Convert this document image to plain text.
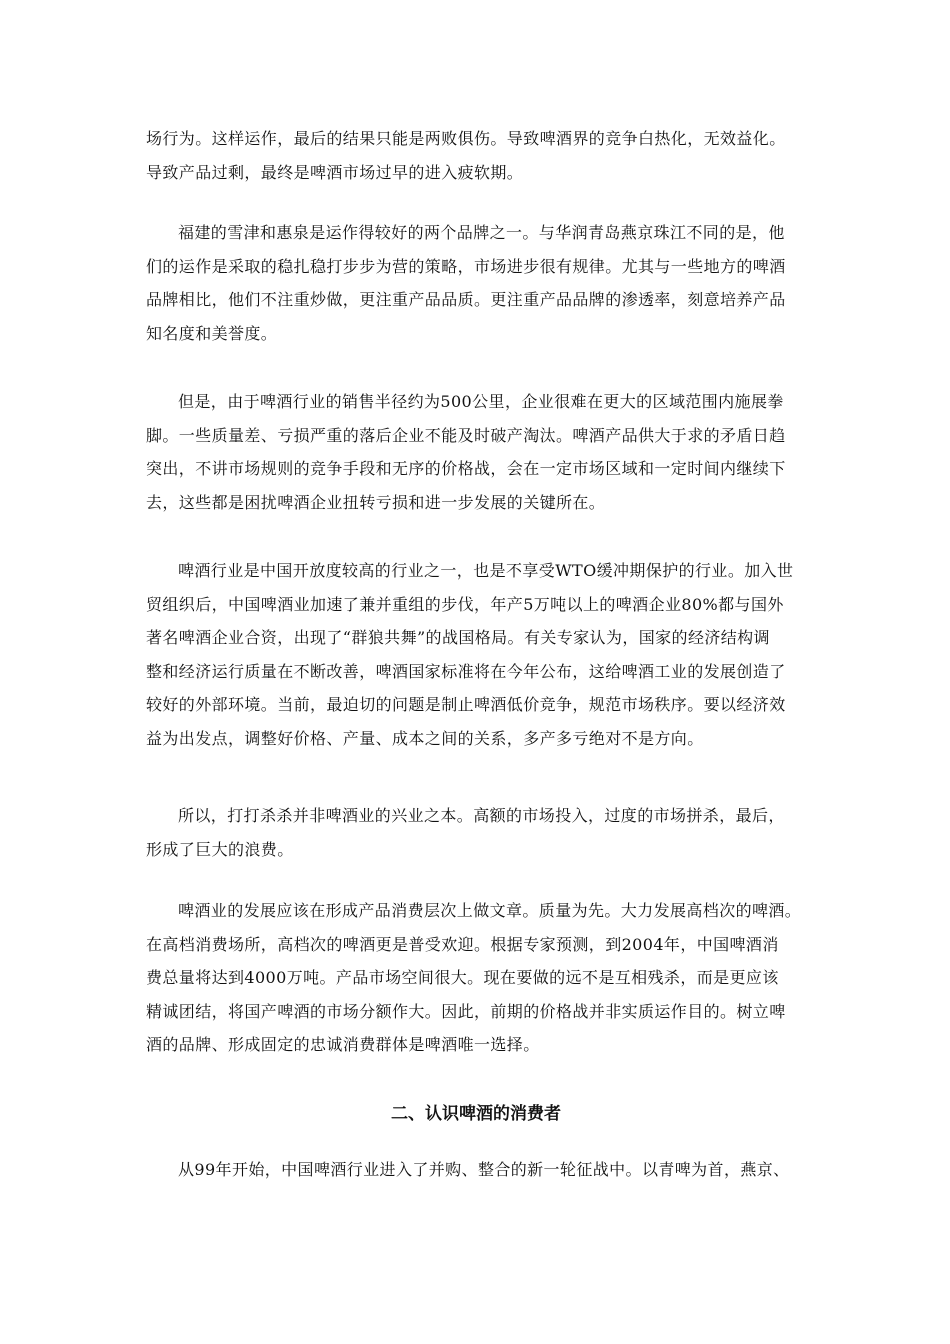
场行为。这样运作，最后的结果只能是两败俱伤。导致啤酒界的竞争白热化，无效益化。
导致产品过剩，最终是啤酒市场过早的进入疲软期。

福建的雪津和惠泉是运作得较好的两个品牌之一。与华润青岛燕京珠江不同的是，他
们的运作是采取的稳扎稳打步步为营的策略，市场进步很有规律。尤其与一些地方的啤酒
品牌相比，他们不注重炒做，更注重产品品质。更注重产品品牌的渗透率，刻意培养产品
知名度和美誉度。

但是，由于啤酒行业的销售半径约为500公里，企业很难在更大的区域范围内施展拳
脚。一些质量差、亏损严重的落后企业不能及时破产淘汰。啤酒产品供大于求的矛盾日趋
突出，不讲市场规则的竞争手段和无序的价格战，会在一定市场区域和一定时间内继续下
去，这些都是困扰啤酒企业扭转亏损和进一步发展的关键所在。

啤酒行业是中国开放度较高的行业之一，也是不享受WTO缓冲期保护的行业。加入世
贸组织后，中国啤酒业加速了兼并重组的步伐，年产5万吨以上的啤酒企业80%都与国外
著名啤酒企业合资，出现了“群狼共舞”的战国格局。有关专家认为，国家的经济结构调
整和经济运行质量在不断改善，啤酒国家标准将在今年公布，这给啤酒工业的发展创造了
较好的外部环境。当前，最迫切的问题是制止啤酒低价竞争，规范市场秩序。要以经济效
益为出发点，调整好价格、产量、成本之间的关系，多产多亏绝对不是方向。

所以，打打杀杀并非啤酒业的兴业之本。高额的市场投入，过度的市场拼杀，最后，
形成了巨大的浪费。

啤酒业的发展应该在形成产品消费层次上做文章。质量为先。大力发展高档次的啤酒。
在高档消费场所，高档次的啤酒更是普受欢迎。根据专家预测，到2004年，中国啤酒消
费总量将达到4000万吨。产品市场空间很大。现在要做的远不是互相残杀，而是更应该
精诚团结，将国产啤酒的市场分额作大。因此，前期的价格战并非实质运作目的。树立啤
酒的品牌、形成固定的忠诚消费群体是啤酒唯一选择。

二、认识啤酒的消费者

从99年开始，中国啤酒行业进入了并购、整合的新一轮征战中。以青啤为首，燕京、
